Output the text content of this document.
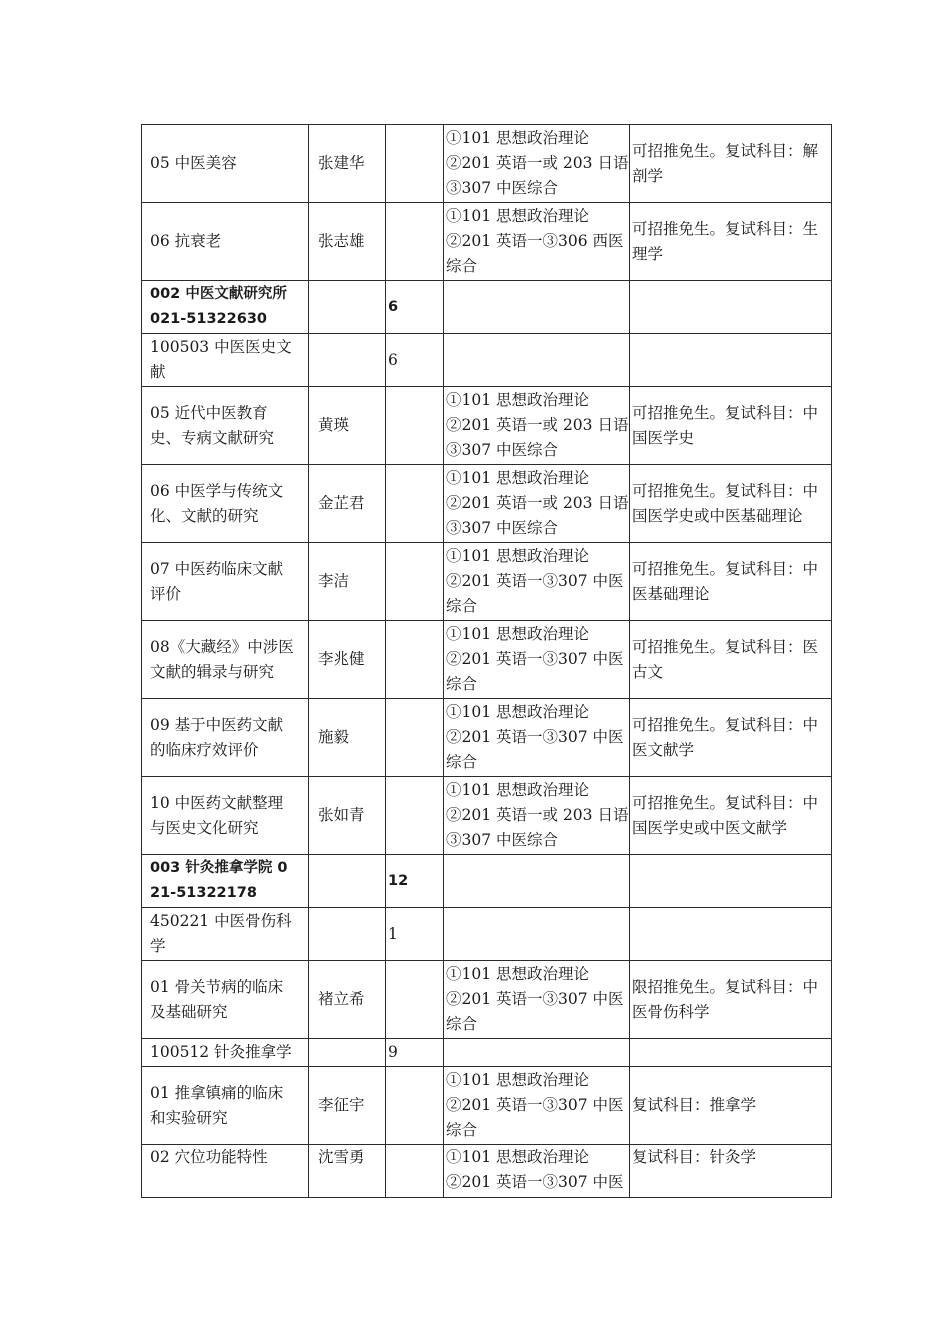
05 中医美容	张建华		①101 思想政治理论
②201 英语一或 203 日语
③307 中医综合	可招推免生。复试科目：解剖学
06 抗衰老	张志雄		①101 思想政治理论
②201 英语一③306 西医
综合	可招推免生。复试科目：生理学
002 中医文献研究所 021-51322630		6		
100503 中医医史文献		6		
05 近代中医教育史、专病文献研究	黄瑛		①101 思想政治理论
②201 英语一或 203 日语
③307 中医综合	可招推免生。复试科目：中国医学史
06 中医学与传统文化、文献的研究	金芷君		①101 思想政治理论
②201 英语一或 203 日语
③307 中医综合	可招推免生。复试科目：中国医学史或中医基础理论
07 中医药临床文献评价	李洁		①101 思想政治理论
②201 英语一③307 中医
综合	可招推免生。复试科目：中医基础理论
08《大藏经》中涉医文献的辑录与研究	李兆健		①101 思想政治理论
②201 英语一③307 中医
综合	可招推免生。复试科目：医古文
09 基于中医药文献的临床疗效评价	施毅		①101 思想政治理论
②201 英语一③307 中医
综合	可招推免生。复试科目：中医文献学
10 中医药文献整理与医史文化研究	张如青		①101 思想政治理论
②201 英语一或 203 日语
③307 中医综合	可招推免生。复试科目：中国医学史或中医文献学
003 针灸推拿学院 021-51322178		12		
450221 中医骨伤科学		1		
01 骨关节病的临床及基础研究	褚立希		①101 思想政治理论
②201 英语一③307 中医
综合	限招推免生。复试科目：中医骨伤科学
100512 针灸推拿学		9		
01 推拿镇痛的临床和实验研究	李征宇		①101 思想政治理论
②201 英语一③307 中医
综合	复试科目：推拿学
02 穴位功能特性	沈雪勇		①101 思想政治理论
②201 英语一③307 中医	复试科目：针灸学
